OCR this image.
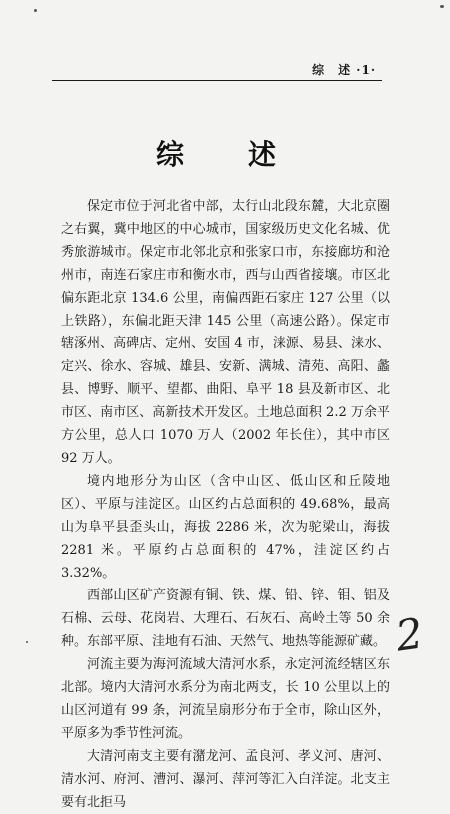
综　述 ·1·
综　述

保定市位于河北省中部，太行山北段东麓，大北京圈之右翼，冀中地区的中心城市，国家级历史文化名城、优秀旅游城市。保定市北邻北京和张家口市，东接廊坊和沧州市，南连石家庄市和衡水市，西与山西省接壤。市区北偏东距北京 134.6 公里，南偏西距石家庄 127 公里（以上铁路），东偏北距天津 145 公里（高速公路）。保定市辖涿州、高碑店、定州、安国 4 市，涞源、易县、涞水、定兴、徐水、容城、雄县、安新、满城、清苑、高阳、蠡县、博野、顺平、望都、曲阳、阜平 18 县及新市区、北市区、南市区、高新技术开发区。土地总面积 2.2 万余平方公里，总人口 1070 万人（2002 年长住），其中市区 92 万人。

境内地形分为山区（含中山区、低山区和丘陵地区）、平原与洼淀区。山区约占总面积的 49.68%，最高山为阜平县歪头山，海拔 2286 米，次为驼梁山，海拔 2281 米。平原约占总面积的 47%，洼淀区约占 3.32%。

西部山区矿产资源有铜、铁、煤、铅、锌、钼、铝及石棉、云母、花岗岩、大理石、石灰石、高岭土等 50 余种。东部平原、洼地有石油、天然气、地热等能源矿藏。

河流主要为海河流域大清河水系，永定河流经辖区东北部。境内大清河水系分为南北两支，长 10 公里以上的山区河道有 99 条，河流呈扇形分布于全市，除山区外，平原多为季节性河流。

大清河南支主要有潴龙河、孟良河、孝义河、唐河、清水河、府河、漕河、瀑河、萍河等汇入白洋淀。北支主要有北拒马

2
